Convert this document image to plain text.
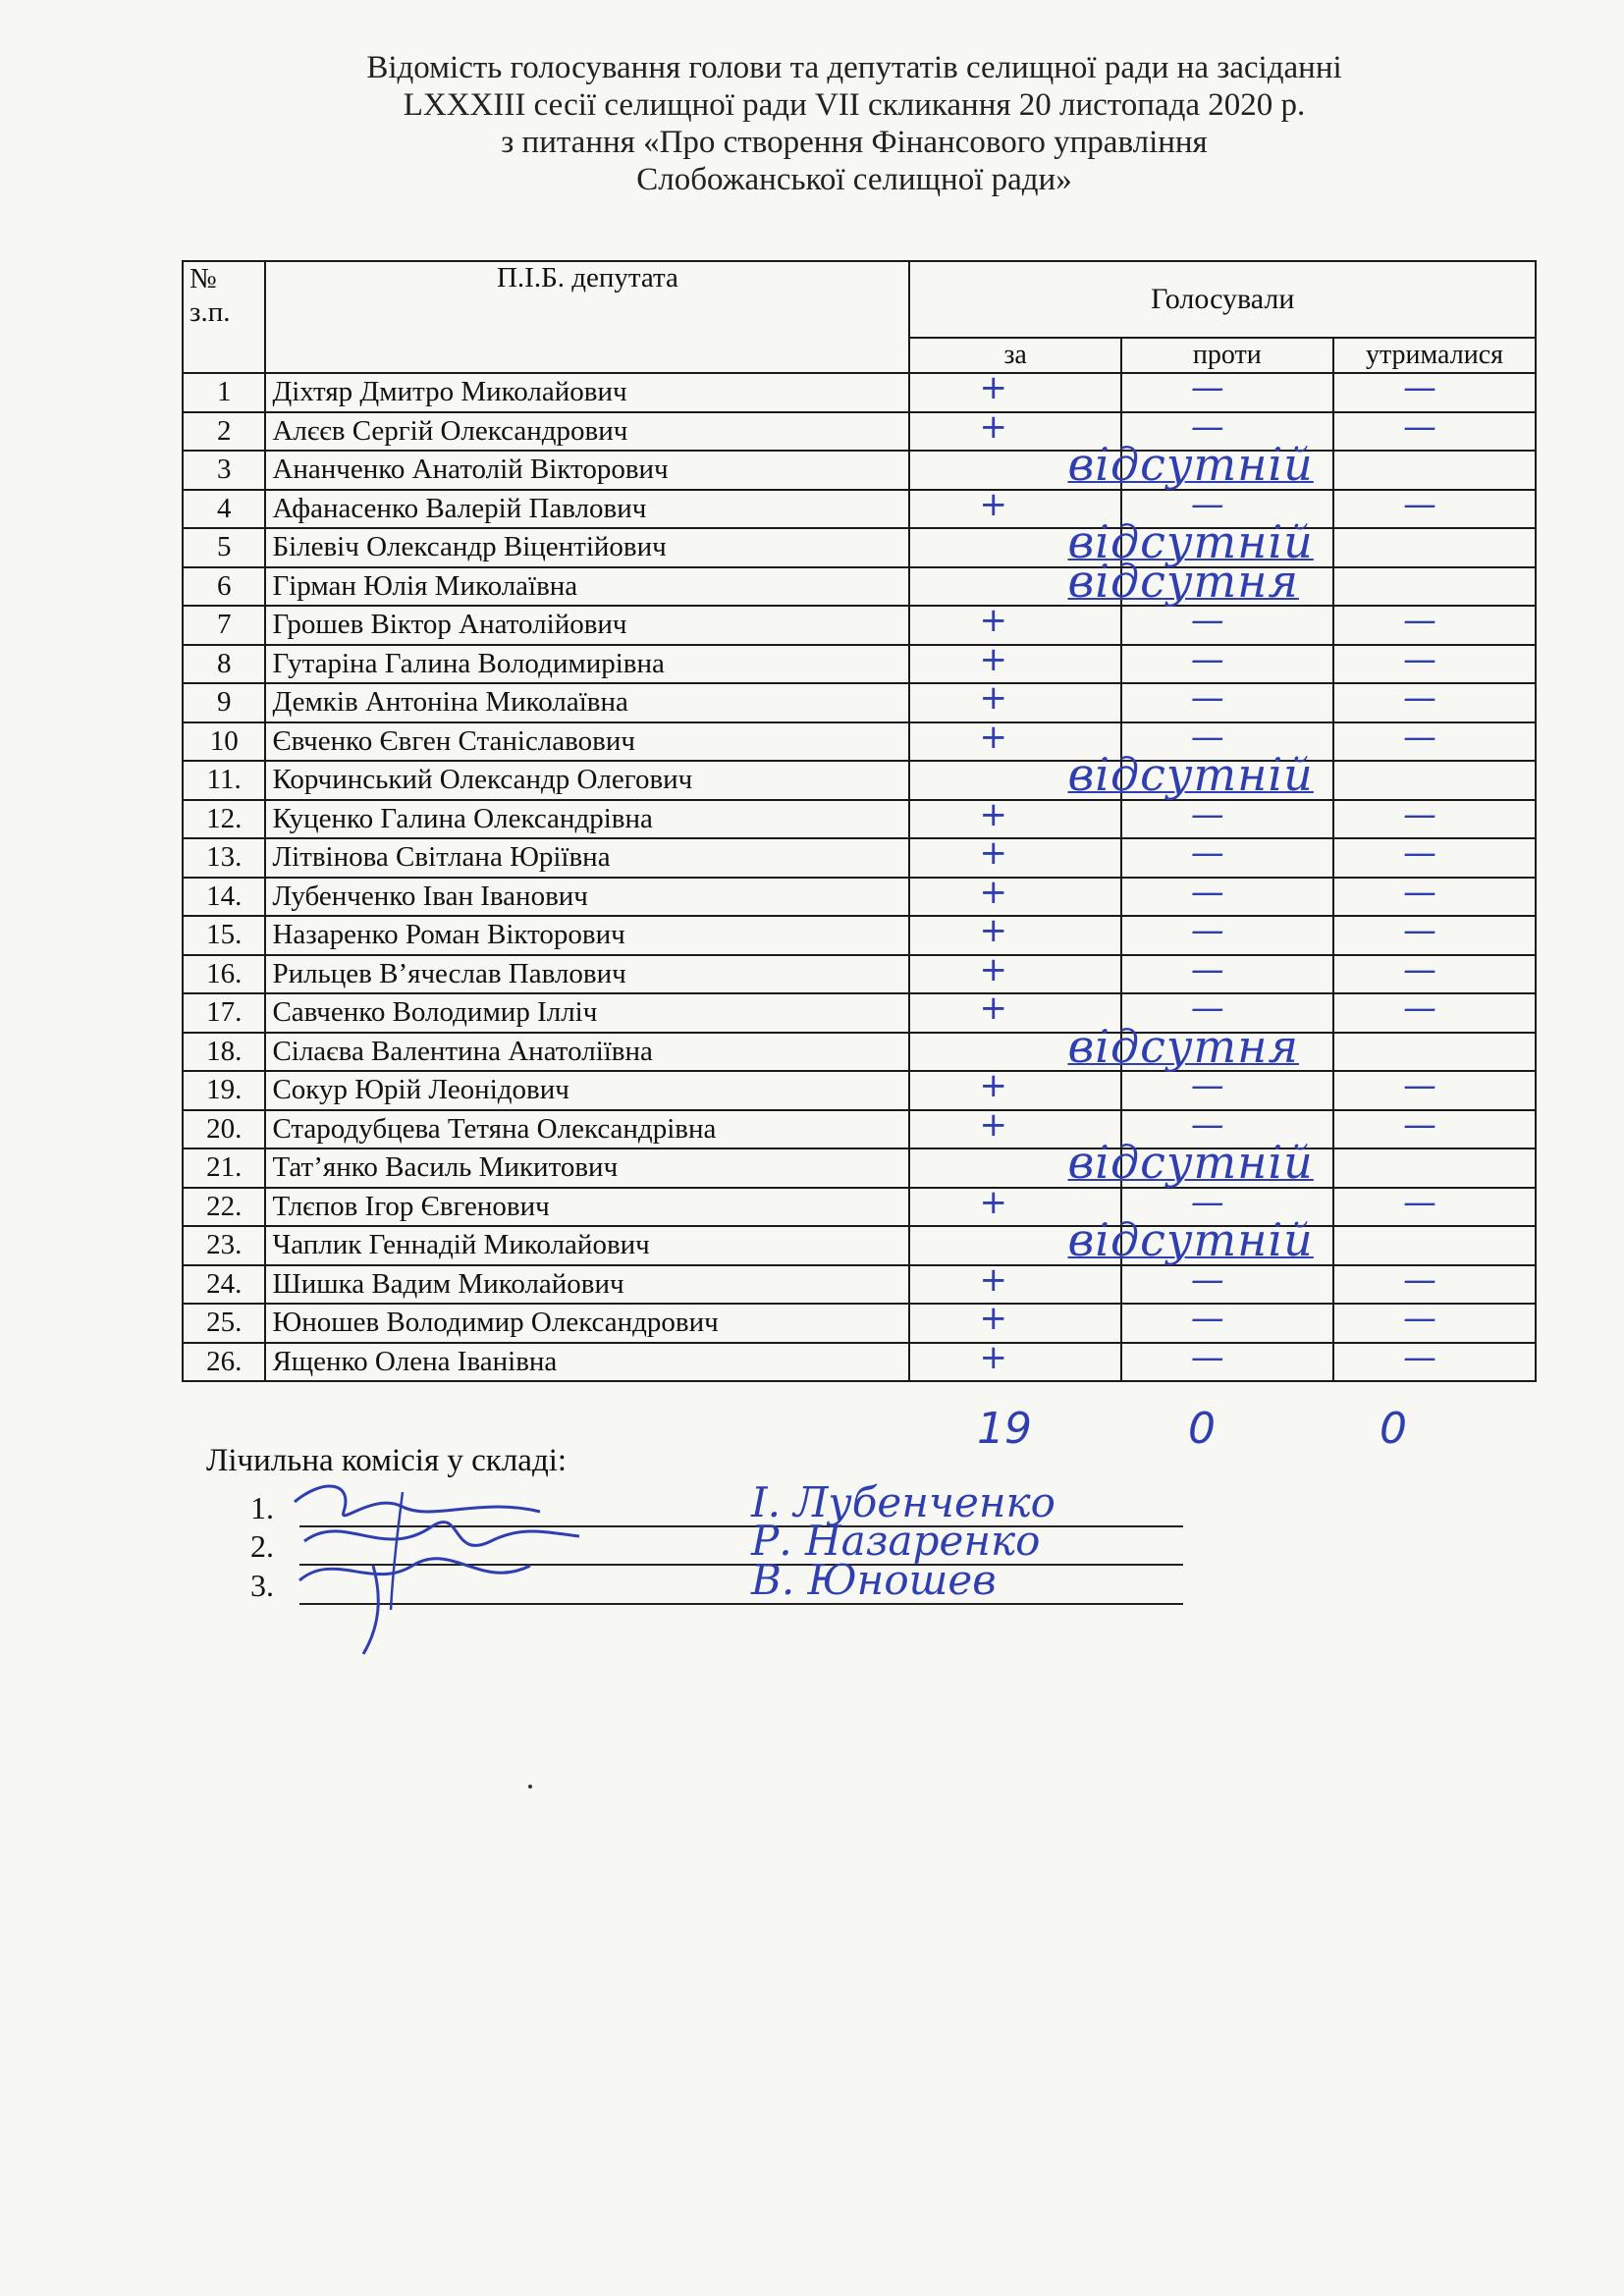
Відомість голосування голови та депутатів селищної ради на засіданні
LXXXIII сесії селищної ради VII скликання 20 листопада 2020 р.
з питання «Про створення Фінансового управління
Слобожанської селищної ради»
№ з.п.	П.І.Б. депутата	Голосували		
		за	проти	утрималися
1	Діхтяр Дмитро Миколайович	+	—	—

2	Алєєв Сергій Олександрович	+	—	—

3	Ананченко Анатолій Вікторович	відсутній		

4	Афанасенко Валерій Павлович	+	—	—

5	Білевіч Олександр Віцентійович	відсутній		

6	Гірман Юлія Миколаївна	відсутня		

7	Грошев Віктор Анатолійович	+	—	—

8	Гутаріна Галина Володимирівна	+	—	—

9	Демків Антоніна Миколаївна	+	—	—

10	Євченко Євген Станіславович	+	—	—

11.	Корчинський Олександр Олегович	відсутній		

12.	Куценко Галина Олександрівна	+	—	—

13.	Літвінова Світлана Юріївна	+	—	—

14.	Лубенченко Іван Іванович	+	—	—

15.	Назаренко Роман Вікторович	+	—	—

16.	Рильцев В’ячеслав Павлович	+	—	—

17.	Савченко Володимир Ілліч	+	—	—

18.	Сілаєва Валентина Анатоліївна	відсутня		

19.	Сокур Юрій Леонідович	+	—	—

20.	Стародубцева Тетяна Олександрівна	+	—	—

21.	Тат’янко Василь Микитович	відсутній		

22.	Тлєпов Ігор Євгенович	+	—	—

23.	Чаплик Геннадій Миколайович	відсутній		

24.	Шишка Вадим Миколайович	+	—	—

25.	Юношев Володимир Олександрович	+	—	—

26.	Ященко Олена Іванівна	+	—	—
19	0	0
Лічильна комісія у складі:
1.	І. Лубенченко
2.	Р. Назаренко
3.	В. Юношев
